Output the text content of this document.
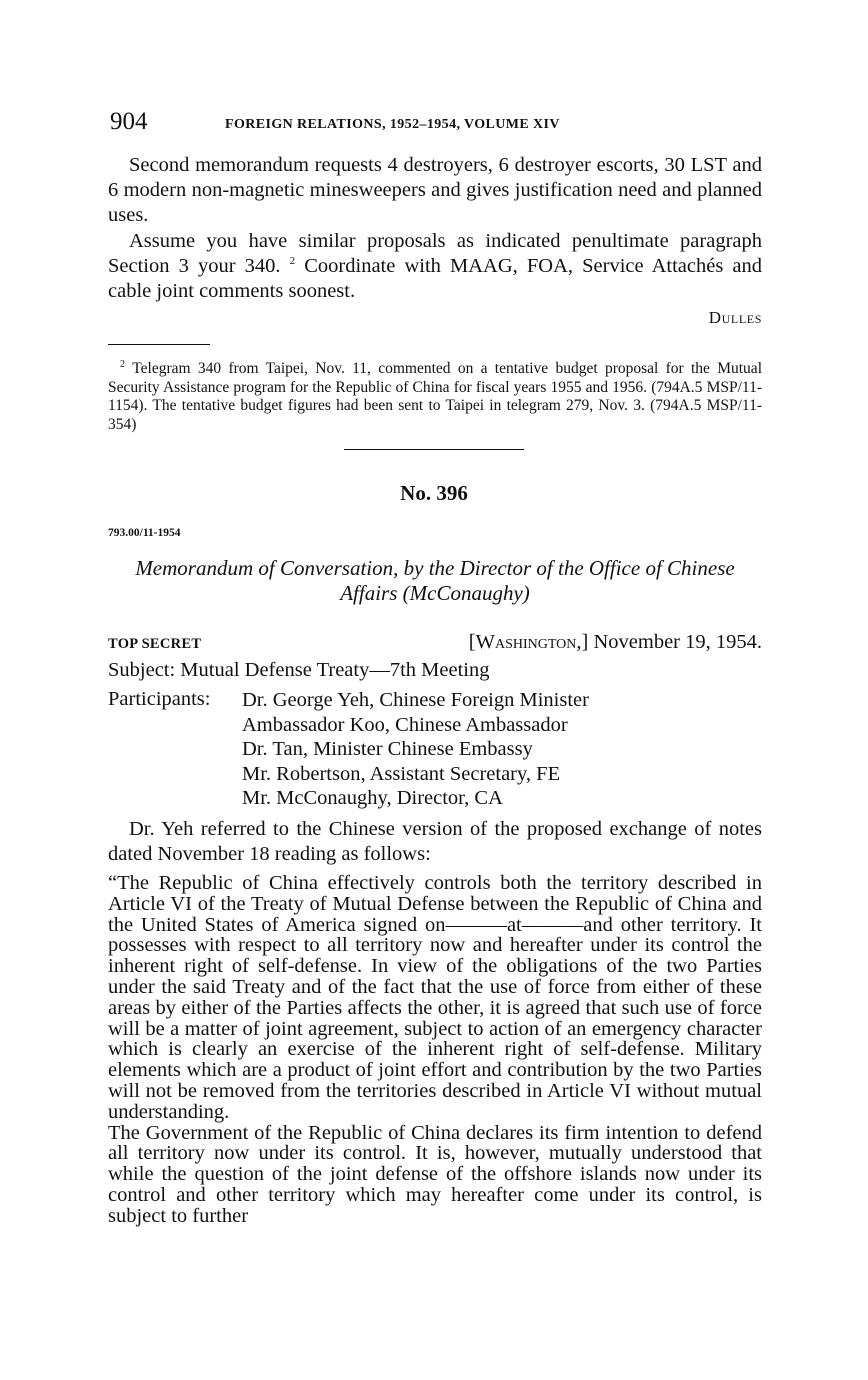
904	FOREIGN RELATIONS, 1952–1954, VOLUME XIV
Second memorandum requests 4 destroyers, 6 destroyer escorts, 30 LST and 6 modern non-magnetic minesweepers and gives justification need and planned uses.
Assume you have similar proposals as indicated penultimate paragraph Section 3 your 340. $^2$ Coordinate with MAAG, FOA, Service Attachés and cable joint comments soonest.
Dulles
$^2$ Telegram 340 from Taipei, Nov. 11, commented on a tentative budget proposal for the Mutual Security Assistance program for the Republic of China for fiscal years 1955 and 1956. (794A.5 MSP/11-1154). The tentative budget figures had been sent to Taipei in telegram 279, Nov. 3. (794A.5 MSP/11-354)
No. 396
793.00/11-1954
Memorandum of Conversation, by the Director of the Office of Chinese Affairs (McConaughy)
TOP SECRET	[Washington,] November 19, 1954.
Subject: Mutual Defense Treaty—7th Meeting
Participants: Dr. George Yeh, Chinese Foreign Minister
Ambassador Koo, Chinese Ambassador
Dr. Tan, Minister Chinese Embassy
Mr. Robertson, Assistant Secretary, FE
Mr. McConaughy, Director, CA
Dr. Yeh referred to the Chinese version of the proposed exchange of notes dated November 18 reading as follows:

“The Republic of China effectively controls both the territory described in Article VI of the Treaty of Mutual Defense between the Republic of China and the United States of America signed on———at———and other territory. It possesses with respect to all territory now and hereafter under its control the inherent right of self-defense. In view of the obligations of the two Parties under the said Treaty and of the fact that the use of force from either of these areas by either of the Parties affects the other, it is agreed that such use of force will be a matter of joint agreement, subject to action of an emergency character which is clearly an exercise of the inherent right of self-defense. Military elements which are a product of joint effort and contribution by the two Parties will not be removed from the territories described in Article VI without mutual understanding.

The Government of the Republic of China declares its firm intention to defend all territory now under its control. It is, however, mutually understood that while the question of the joint defense of the offshore islands now under its control and other territory which may hereafter come under its control, is subject to further
